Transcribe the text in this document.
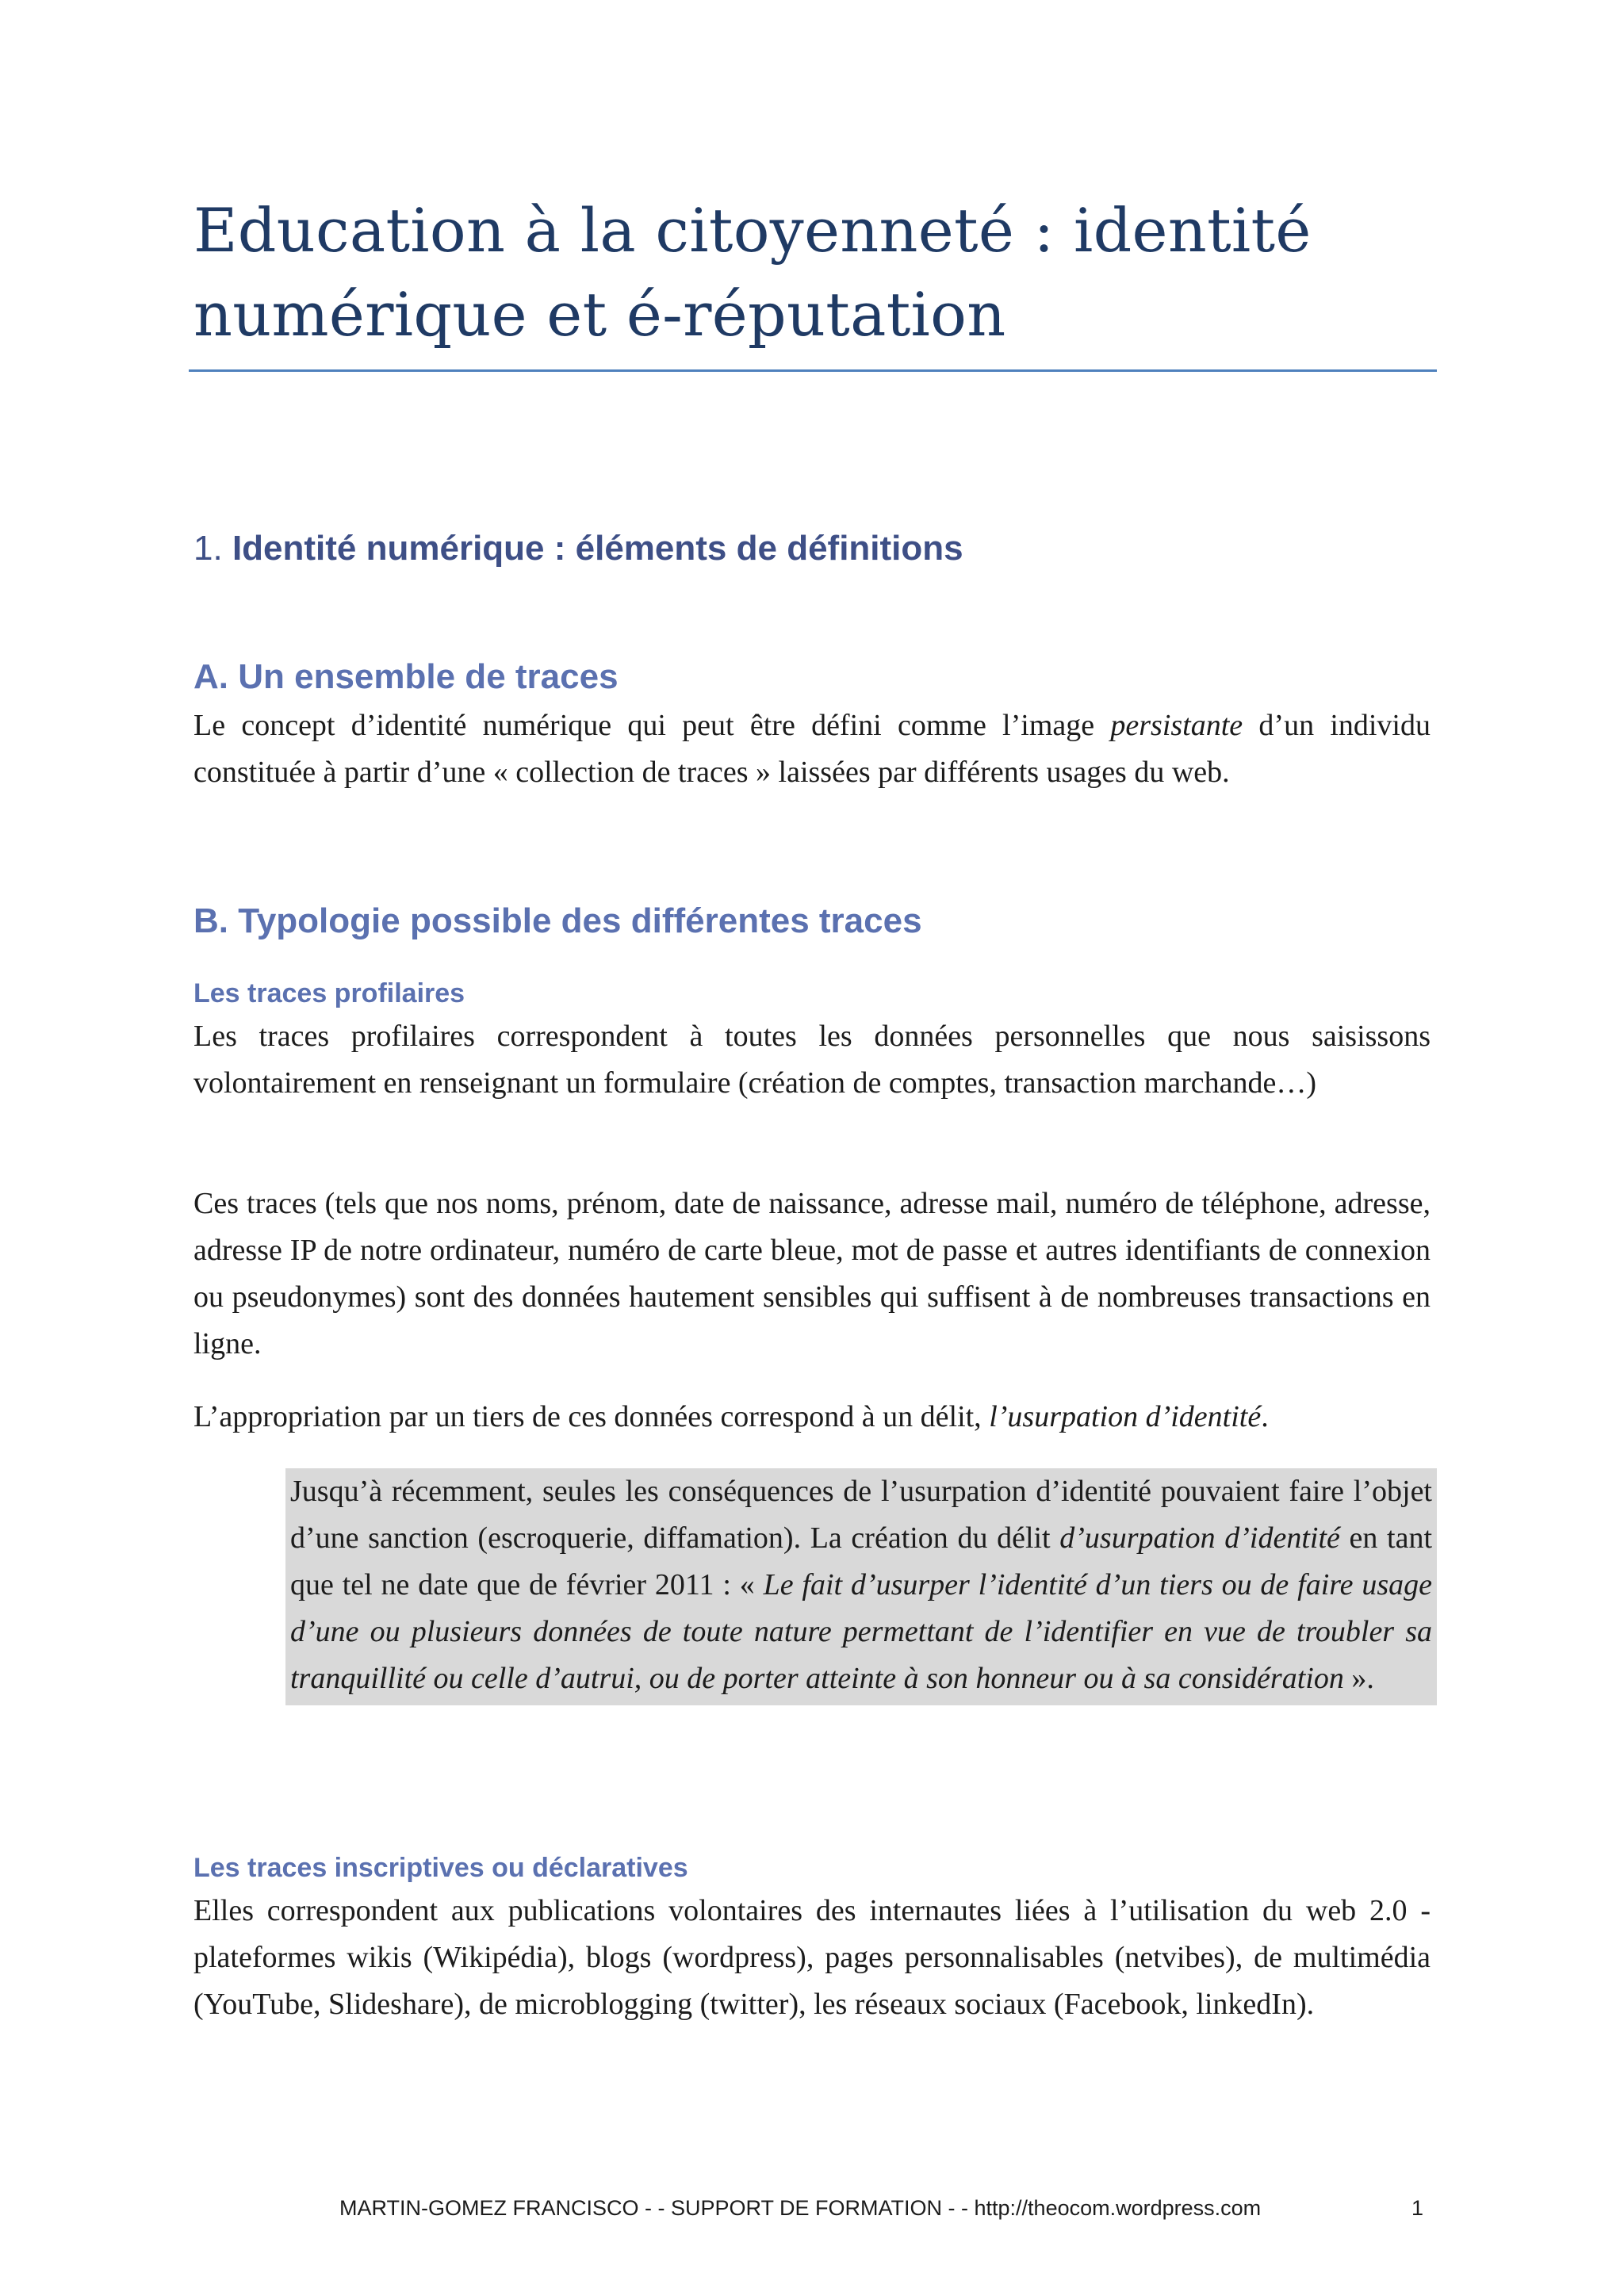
Education à la citoyenneté : identité
numérique et é-réputation
1. Identité numérique : éléments de définitions
A. Un ensemble de traces
Le concept d’identité numérique qui peut être défini comme l’image persistante d’un individu constituée à partir d’une « collection de traces » laissées par différents usages du web.
B. Typologie possible des différentes traces
Les traces profilaires
Les traces profilaires correspondent à toutes les données personnelles que nous saisissons volontairement en renseignant un formulaire (création de comptes, transaction marchande…)
Ces traces (tels que nos noms, prénom, date de naissance, adresse mail, numéro de téléphone, adresse, adresse IP de notre ordinateur, numéro de carte bleue, mot de passe et autres identifiants de connexion ou pseudonymes) sont des données hautement sensibles qui suffisent à de nombreuses transactions en ligne.
L’appropriation par un tiers de ces données correspond à un délit, l’usurpation d’identité.

Jusqu’à récemment, seules les conséquences de l’usurpation d’identité pouvaient faire l’objet d’une sanction (escroquerie, diffamation). La création du délit d’usurpation d’identité en tant que tel ne date que de février 2011 : « Le fait d’usurper l’identité d’un tiers ou de faire usage d’une ou plusieurs données de toute nature permettant de l’identifier en vue de troubler sa tranquillité ou celle d’autrui, ou de porter atteinte à son honneur ou à sa considération ».

Les traces inscriptives ou déclaratives
Elles correspondent aux publications volontaires des internautes liées à l’utilisation du web 2.0 - plateformes wikis (Wikipédia), blogs (wordpress), pages personnalisables (netvibes), de multimédia (YouTube, Slideshare), de microblogging (twitter), les réseaux sociaux (Facebook, linkedIn).
MARTIN-GOMEZ FRANCISCO - - SUPPORT DE FORMATION - - http://theocom.wordpress.com	1
